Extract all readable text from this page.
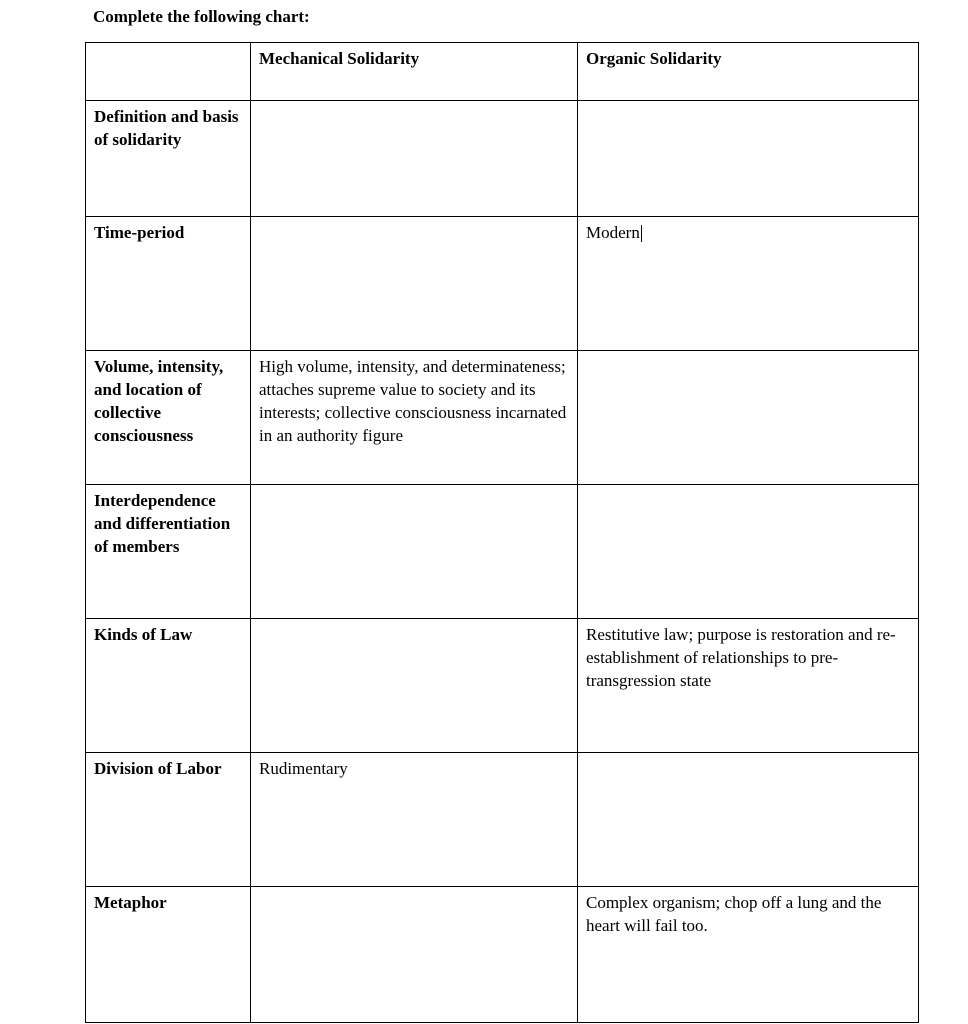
Complete the following chart:

	Mechanical Solidarity	Organic Solidarity
Definition and basis of solidarity		
Time-period		Modern
Volume, intensity, and location of collective consciousness	High volume, intensity, and determinateness; attaches supreme value to society and its interests; collective consciousness incarnated in an authority figure	
Interdependence and differentiation of members		
Kinds of Law		Restitutive law; purpose is restoration and re-establishment of relationships to pre-transgression state
Division of Labor	Rudimentary	
Metaphor		Complex organism; chop off a lung and the heart will fail too.
